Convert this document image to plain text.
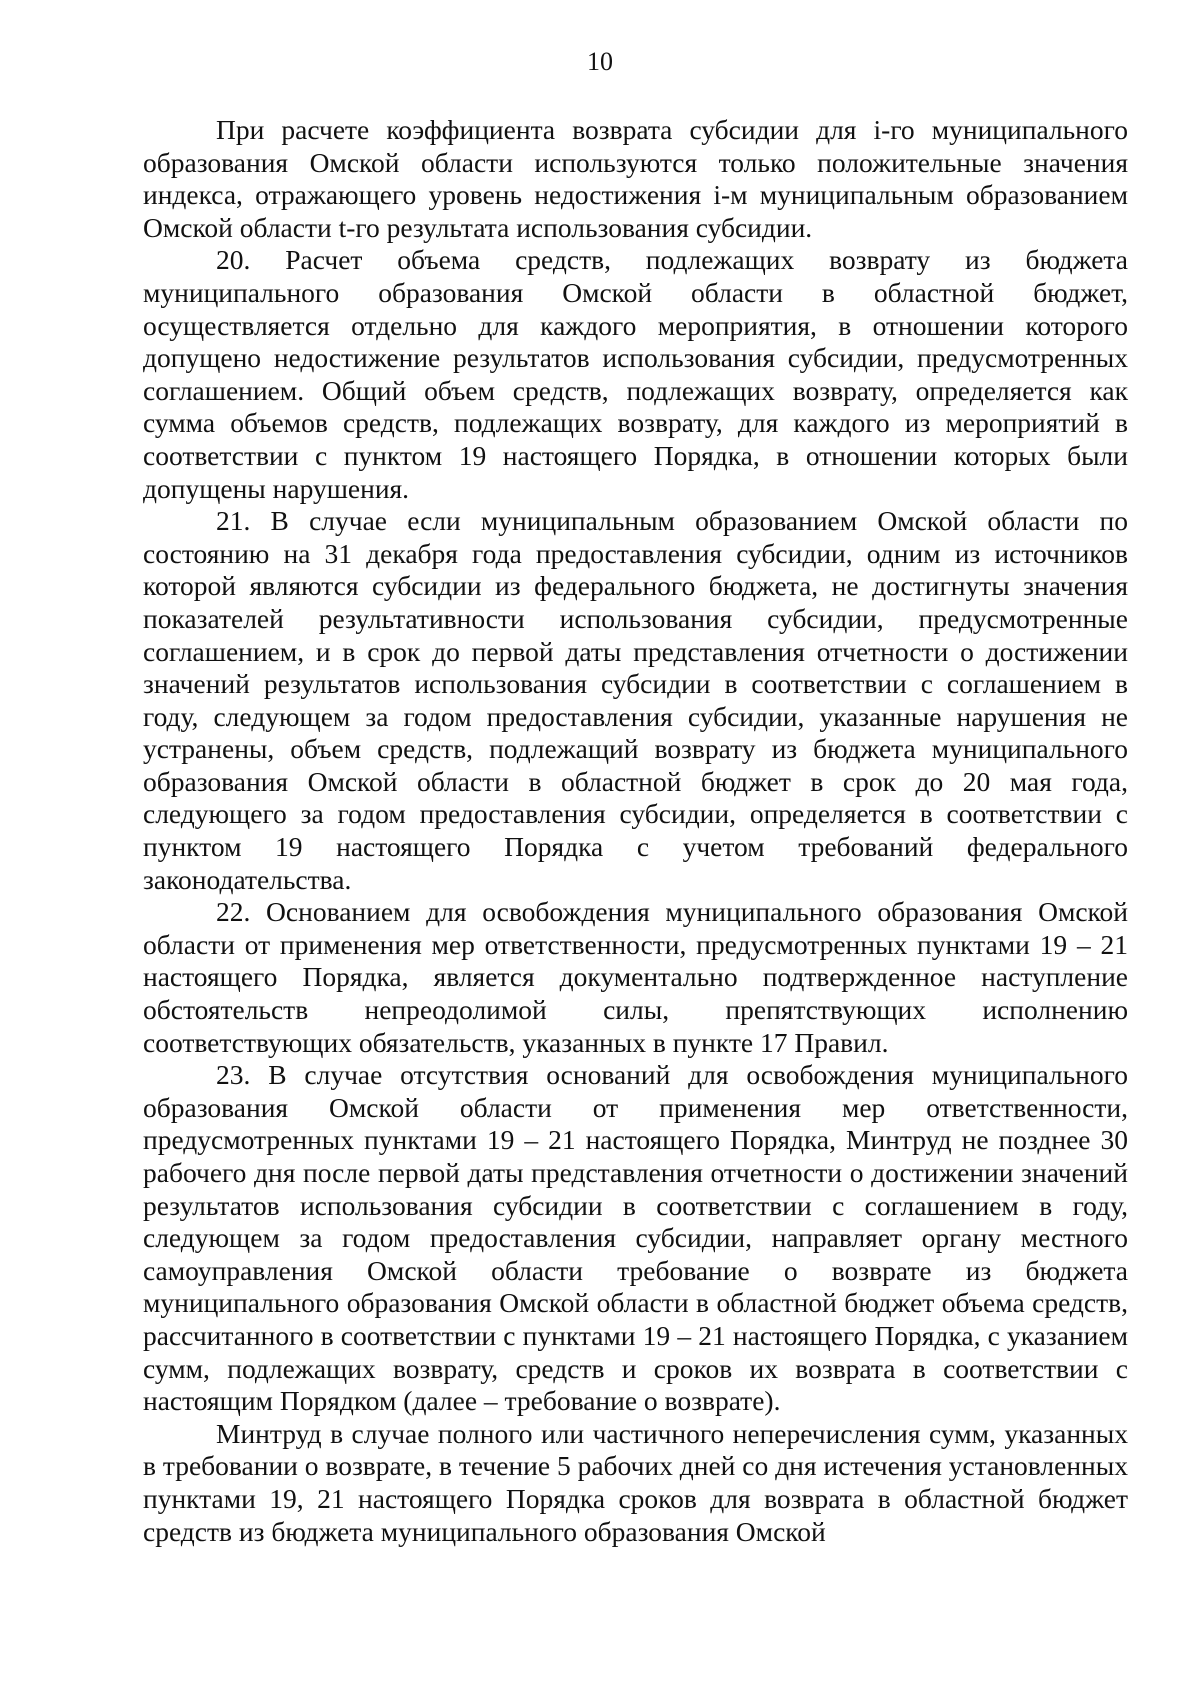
10

При расчете коэффициента возврата субсидии для i-го муниципального образования Омской области используются только положительные значения индекса, отражающего уровень недостижения i-м муниципальным образованием Омской области t-го результата использования субсидии.

20. Расчет объема средств, подлежащих возврату из бюджета муниципального образования Омской области в областной бюджет, осуществляется отдельно для каждого мероприятия, в отношении которого допущено недостижение результатов использования субсидии, предусмотренных соглашением. Общий объем средств, подлежащих возврату, определяется как сумма объемов средств, подлежащих возврату, для каждого из мероприятий в соответствии с пунктом 19 настоящего Порядка, в отношении которых были допущены нарушения.

21. В случае если муниципальным образованием Омской области по состоянию на 31 декабря года предоставления субсидии, одним из источников которой являются субсидии из федерального бюджета, не достигнуты значения показателей результативности использования субсидии, предусмотренные соглашением, и в срок до первой даты представления отчетности о достижении значений результатов использования субсидии в соответствии с соглашением в году, следующем за годом предоставления субсидии, указанные нарушения не устранены, объем средств, подлежащий возврату из бюджета муниципального образования Омской области в областной бюджет в срок до 20 мая года, следующего за годом предоставления субсидии, определяется в соответствии с пунктом 19 настоящего Порядка с учетом требований федерального законодательства.

22. Основанием для освобождения муниципального образования Омской области от применения мер ответственности, предусмотренных пунктами 19 – 21 настоящего Порядка, является документально подтвержденное наступление обстоятельств непреодолимой силы, препятствующих исполнению соответствующих обязательств, указанных в пункте 17 Правил.

23. В случае отсутствия оснований для освобождения муниципального образования Омской области от применения мер ответственности, предусмотренных пунктами 19 – 21 настоящего Порядка, Минтруд не позднее 30 рабочего дня после первой даты представления отчетности о достижении значений результатов использования субсидии в соответствии с соглашением в году, следующем за годом предоставления субсидии, направляет органу местного самоуправления Омской области требование о возврате из бюджета муниципального образования Омской области в областной бюджет объема средств, рассчитанного в соответствии с пунктами 19 – 21 настоящего Порядка, с указанием сумм, подлежащих возврату, средств и сроков их возврата в соответствии с настоящим Порядком (далее – требование о возврате).

Минтруд в случае полного или частичного неперечисления сумм, указанных в требовании о возврате, в течение 5 рабочих дней со дня истечения установленных пунктами 19, 21 настоящего Порядка сроков для возврата в областной бюджет средств из бюджета муниципального образования Омской
